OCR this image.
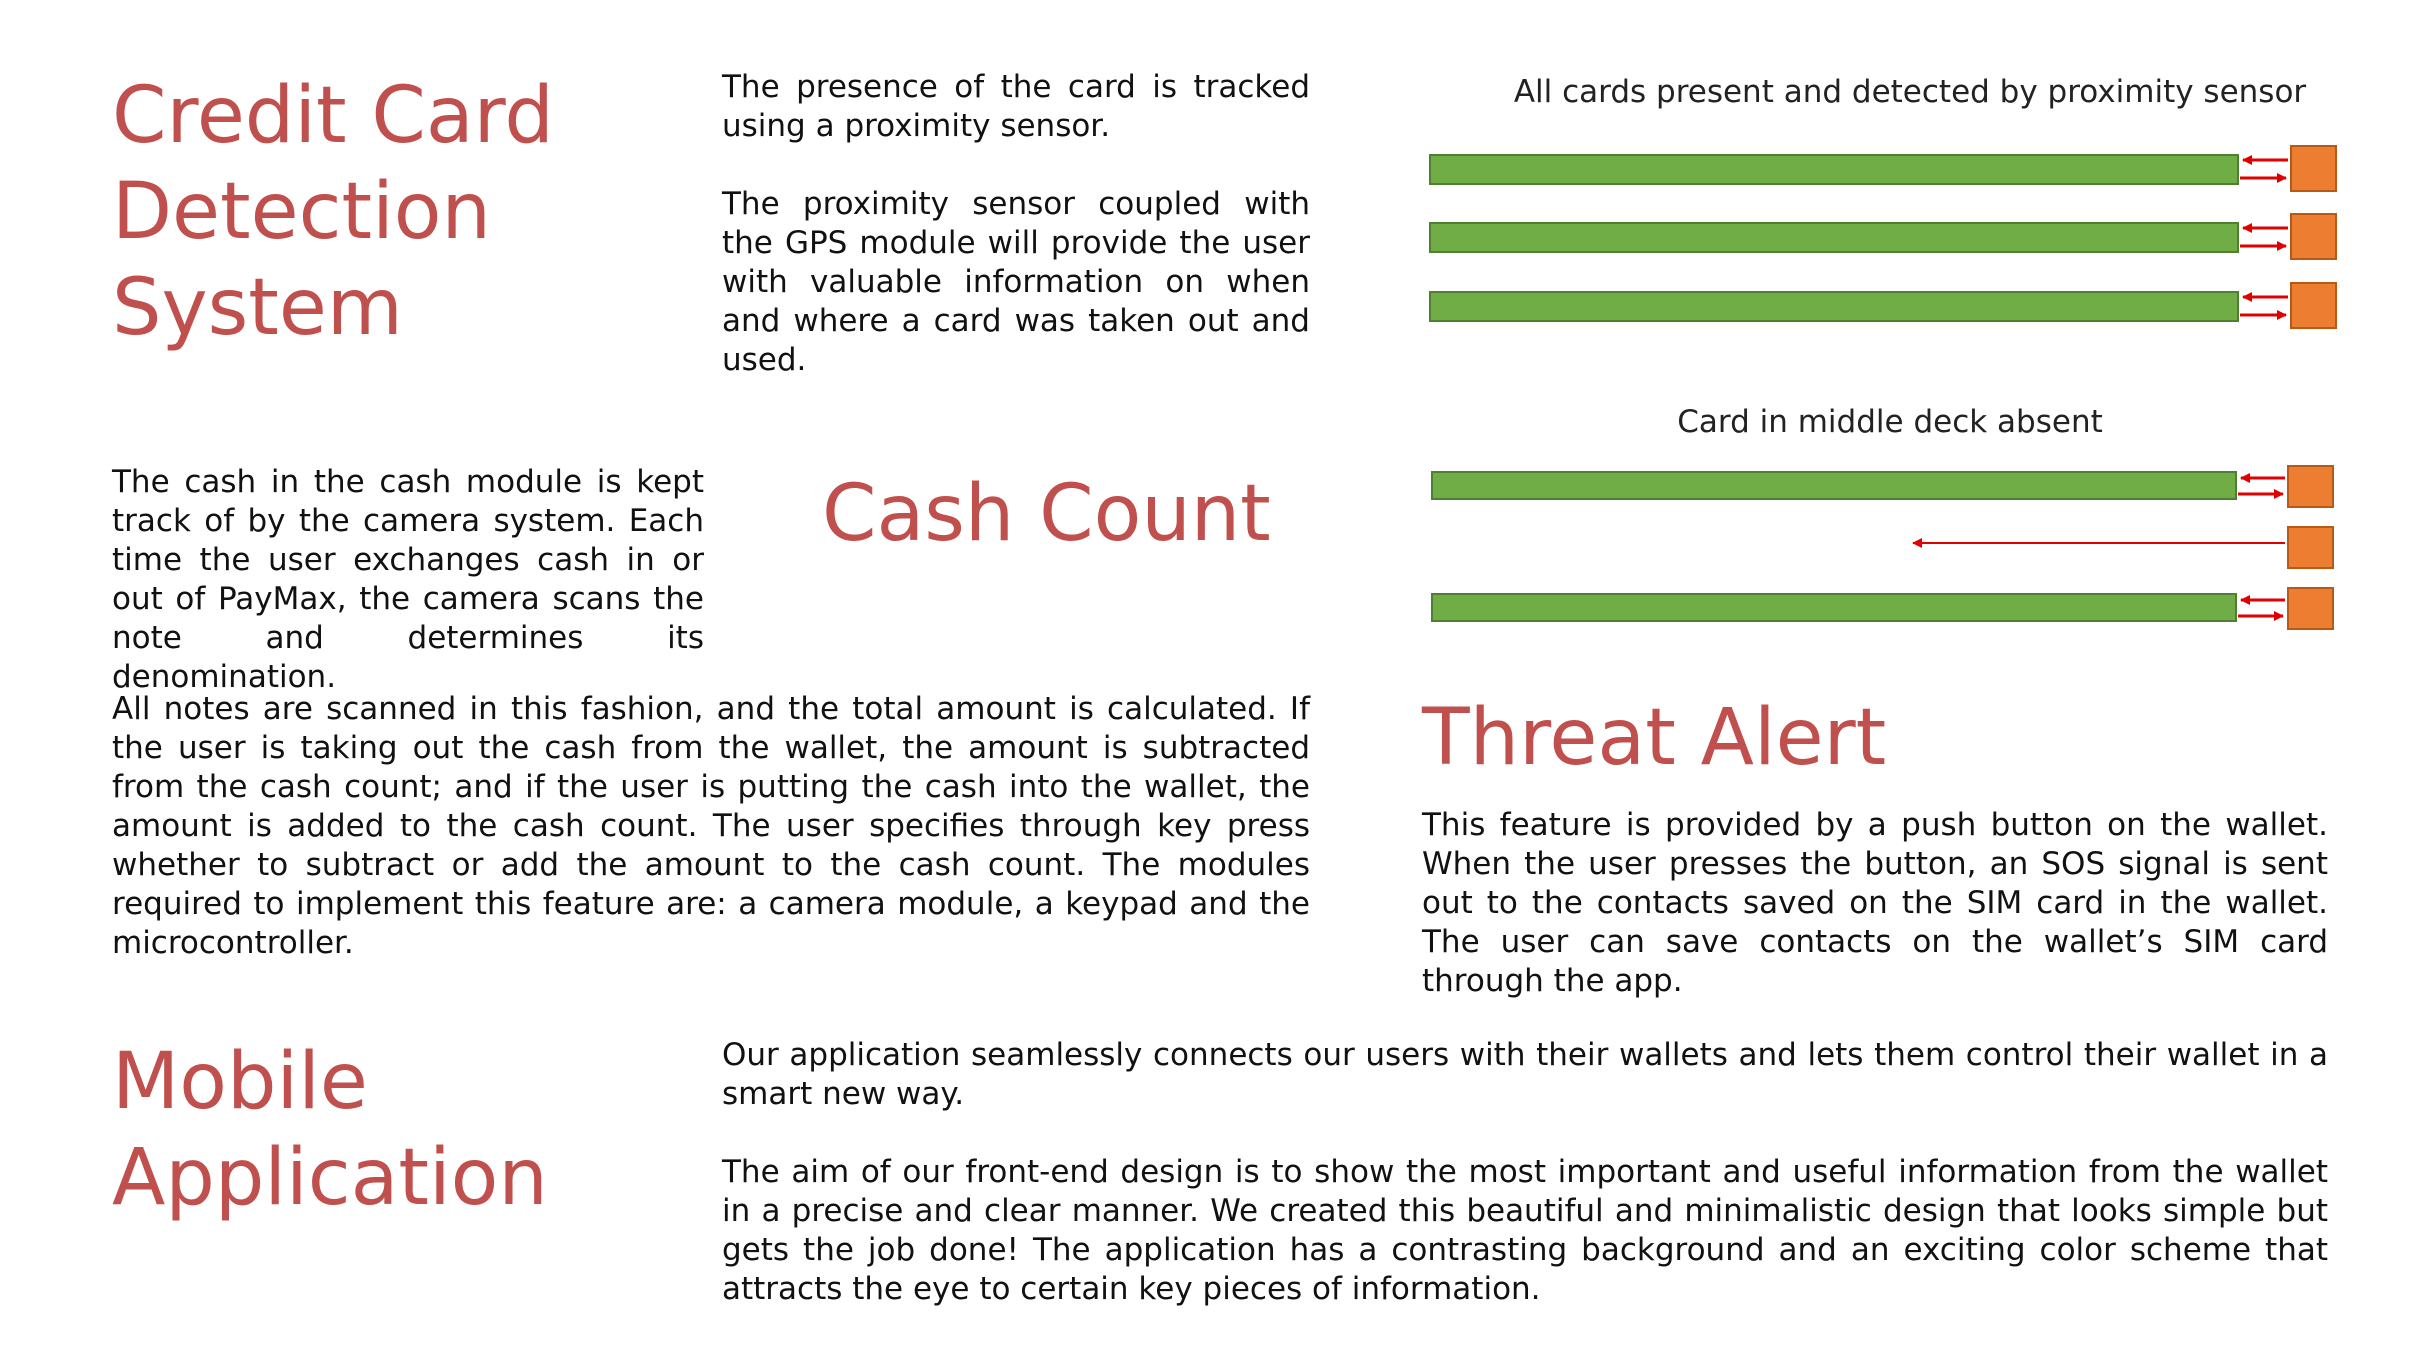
Credit Card
Detection
System

The presence of the card is tracked using a proximity sensor.

The proximity sensor coupled with the GPS module will provide the user with valuable information on when and where a card was taken out and used.

All cards present and detected by proximity sensor

Card in middle deck absent

Cash Count

The cash in the cash module is kept track of by the camera system. Each time the user exchanges cash in or out of PayMax, the camera scans the note and determines its denomination.

All notes are scanned in this fashion, and the total amount is calculated. If the user is taking out the cash from the wallet, the amount is subtracted from the cash count; and if the user is putting the cash into the wallet, the amount is added to the cash count. The user specifies through key press whether to subtract or add the amount to the cash count. The modules required to implement this feature are: a camera module, a keypad and the microcontroller.

Threat Alert

This feature is provided by a push button on the wallet. When the user presses the button, an SOS signal is sent out to the contacts saved on the SIM card in the wallet. The user can save contacts on the wallet’s SIM card through the app.

Mobile
Application

Our application seamlessly connects our users with their wallets and lets them control their wallet in a smart new way.

The aim of our front-end design is to show the most important and useful information from the wallet in a precise and clear manner. We created this beautiful and minimalistic design that looks simple but gets the job done! The application has a contrasting background and an exciting color scheme that attracts the eye to certain key pieces of information.
